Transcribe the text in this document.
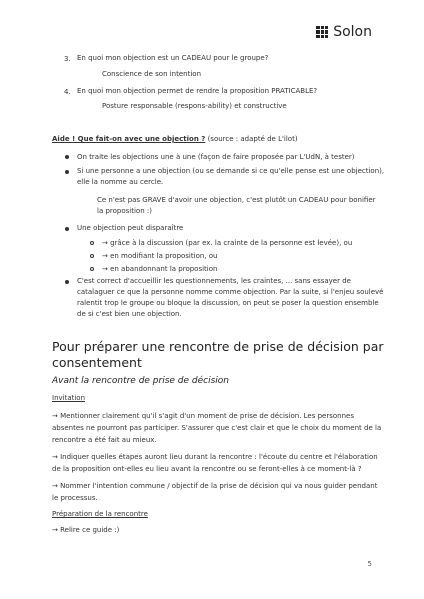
Solon
3. En quoi mon objection est un CADEAU pour le groupe?
Conscience de son intention
4. En quoi mon objection permet de rendre la proposition PRATICABLE?
Posture responsable (respons-ability) et constructive
Aide ! Que fait-on avec une objection ? (source : adapté de L'ilot)
On traite les objections une à une (façon de faire proposée par L'UdN, à tester)
Si une personne a une objection (ou se demande si ce qu'elle pense est une objection),
elle la nomme au cercle.
Ce n'est pas GRAVE d'avoir une objection, c'est plutôt un CADEAU pour bonifier
la proposition :)
Une objection peut disparaître
→ grâce à la discussion (par ex. la crainte de la personne est levée), ou
→ en modifiant la proposition, ou
→ en abandonnant la proposition
C'est correct d'accueillir les questionnements, les craintes, ... sans essayer de
catalaguer ce que la personne nomme comme objection. Par la suite, si l'enjeu soulevé
ralentit trop le groupe ou bloque la discussion, on peut se poser la question ensemble
de si c'est bien une objection.
Pour préparer une rencontre de prise de décision par
consentement
Avant la rencontre de prise de décision
Invitation
→ Mentionner clairement qu'il s'agit d'un moment de prise de décision. Les personnes
absentes ne pourront pas participer. S'assurer que c'est clair et que le choix du moment de la
rencontre a été fait au mieux.
→ Indiquer quelles étapes auront lieu durant la rencontre : l'écoute du centre et l'élaboration
de la proposition ont-elles eu lieu avant la rencontre ou se feront-elles à ce moment-là ?
→ Nommer l'intention commune / objectif de la prise de décision qui va nous guider pendant
le processus.
Préparation de la rencontre
→ Relire ce guide :)
5
